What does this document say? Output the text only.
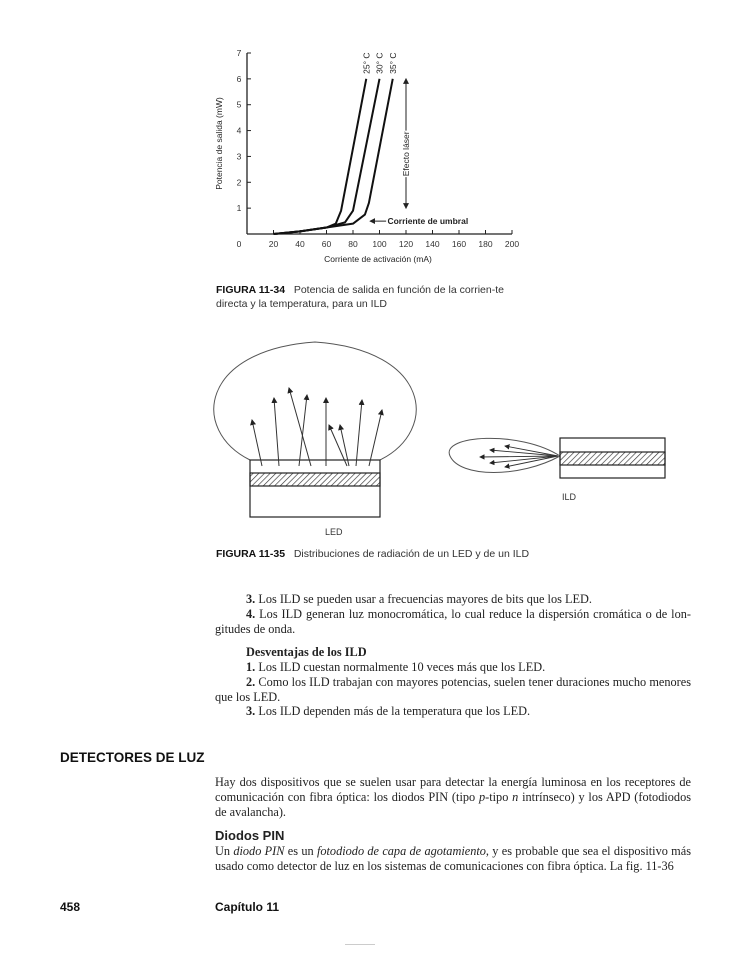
0	20 40 60 80 100 120 140 160 180 200
1
2
3
4
5
6
7
Corriente de activación (mA)
Potencia de salida (mW)
25° C 30° C 35° C
Corriente de umbral
Efecto láser
FIGURA 11-34 Potencia de salida en función de la corrien-te directa y la temperatura, para un ILD
LED
ILD
FIGURA 11-35 Distribuciones de radiación de un LED y de un ILD
3. Los ILD se pueden usar a frecuencias mayores de bits que los LED.
4. Los ILD generan luz monocromática, lo cual reduce la dispersión cromática o de lon-gitudes de onda.
Desventajas de los ILD
1. Los ILD cuestan normalmente 10 veces más que los LED.
2. Como los ILD trabajan con mayores potencias, suelen tener duraciones mucho menores que los LED.
3. Los ILD dependen más de la temperatura que los LED.
DETECTORES DE LUZ
Hay dos dispositivos que se suelen usar para detectar la energía luminosa en los receptores de comunicación con fibra óptica: los diodos PIN (tipo p-tipo n intrínseco) y los APD (fotodiodos de avalancha).
Diodos PIN
Un diodo PIN es un fotodiodo de capa de agotamiento, y es probable que sea el dispositivo más usado como detector de luz en los sistemas de comunicaciones con fibra óptica. La fig. 11-36
458	Capítulo 11
